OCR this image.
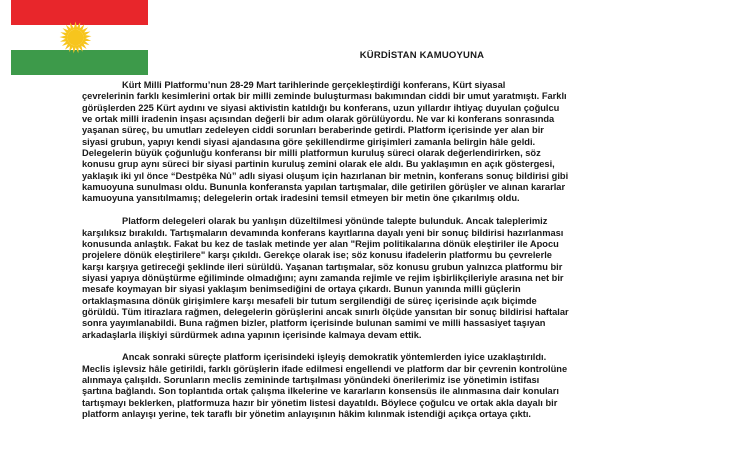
KÜRDİSTAN KAMUOYUNA

Kürt Milli Platformu’nun 28-29 Mart tarihlerinde gerçekleştirdiği konferans, Kürt siyasal
çevrelerinin farklı kesimlerini ortak bir milli zeminde buluşturması bakımından ciddi bir umut yaratmıştı. Farklı
görüşlerden 225 Kürt aydını ve siyasi aktivistin katıldığı bu konferans, uzun yıllardır ihtiyaç duyulan çoğulcu
ve ortak milli iradenin inşası açısından değerli bir adım olarak görülüyordu. Ne var ki konferans sonrasında
yaşanan süreç, bu umutları zedeleyen ciddi sorunları beraberinde getirdi. Platform içerisinde yer alan bir
siyasi grubun, yapıyı kendi siyasi ajandasına göre şekillendirme girişimleri zamanla belirgin hâle geldi.
Delegelerin büyük çoğunluğu konferansı bir milli platformun kuruluş süreci olarak değerlendirirken, söz
konusu grup aynı süreci bir siyasi partinin kuruluş zemini olarak ele aldı. Bu yaklaşımın en açık göstergesi,
yaklaşık iki yıl önce “Destpêka Nû” adlı siyasi oluşum için hazırlanan bir metnin, konferans sonuç bildirisi gibi
kamuoyuna sunulması oldu. Bununla konferansta yapılan tartışmalar, dile getirilen görüşler ve alınan kararlar
kamuoyuna yansıtılmamış; delegelerin ortak iradesini temsil etmeyen bir metin öne çıkarılmış oldu.

Platform delegeleri olarak bu yanlışın düzeltilmesi yönünde talepte bulunduk. Ancak taleplerimiz
karşılıksız bırakıldı. Tartışmaların devamında konferans kayıtlarına dayalı yeni bir sonuç bildirisi hazırlanması
konusunda anlaştık. Fakat bu kez de taslak metinde yer alan "Rejim politikalarına dönük eleştiriler ile Apocu
projelere dönük eleştirilere" karşı çıkıldı. Gerekçe olarak ise; söz konusu ifadelerin platformu bu çevrelerle
karşı karşıya getireceği şeklinde ileri sürüldü. Yaşanan tartışmalar, söz konusu grubun yalnızca platformu bir
siyasi yapıya dönüştürme eğiliminde olmadığını; aynı zamanda rejimle ve rejim işbirlikçileriyle arasına net bir
mesafe koymayan bir siyasi yaklaşım benimsediğini de ortaya çıkardı. Bunun yanında milli güçlerin
ortaklaşmasına dönük girişimlere karşı mesafeli bir tutum sergilendiği de süreç içerisinde açık biçimde
görüldü. Tüm itirazlara rağmen, delegelerin görüşlerini ancak sınırlı ölçüde yansıtan bir sonuç bildirisi haftalar
sonra yayımlanabildi. Buna rağmen bizler, platform içerisinde bulunan samimi ve milli hassasiyet taşıyan
arkadaşlarla ilişkiyi sürdürmek adına yapının içerisinde kalmaya devam ettik.

Ancak sonraki süreçte platform içerisindeki işleyiş demokratik yöntemlerden iyice uzaklaştırıldı.
Meclis işlevsiz hâle getirildi, farklı görüşlerin ifade edilmesi engellendi ve platform dar bir çevrenin kontrolüne
alınmaya çalışıldı. Sorunların meclis zemininde tartışılması yönündeki önerilerimiz ise yönetimin istifası
şartına bağlandı. Son toplantıda ortak çalışma ilkelerine ve kararların konsensüs ile alınmasına dair konuları
tartışmayı beklerken, platformuza hazır bir yönetim listesi dayatıldı. Böylece çoğulcu ve ortak akla dayalı bir
platform anlayışı yerine, tek taraflı bir yönetim anlayışının hâkim kılınmak istendiği açıkça ortaya çıktı.
